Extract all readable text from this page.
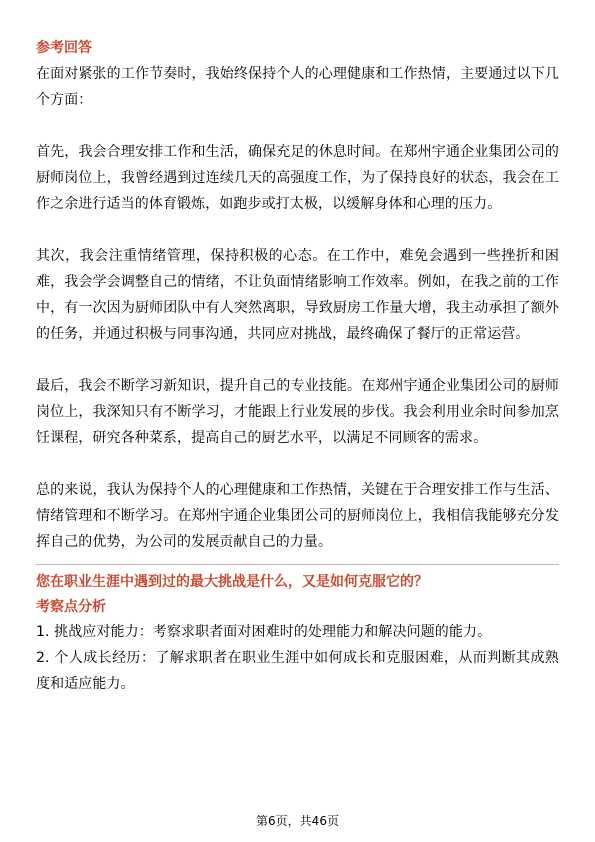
参考回答

在面对紧张的工作节奏时，我始终保持个人的心理健康和工作热情，主要通过以下几个方面：

首先，我会合理安排工作和生活，确保充足的休息时间。在郑州宇通企业集团公司的厨师岗位上，我曾经遇到过连续几天的高强度工作，为了保持良好的状态，我会在工作之余进行适当的体育锻炼，如跑步或打太极，以缓解身体和心理的压力。

其次，我会注重情绪管理，保持积极的心态。在工作中，难免会遇到一些挫折和困难，我会学会调整自己的情绪，不让负面情绪影响工作效率。例如，在我之前的工作中，有一次因为厨师团队中有人突然离职，导致厨房工作量大增，我主动承担了额外的任务，并通过积极与同事沟通，共同应对挑战，最终确保了餐厅的正常运营。

最后，我会不断学习新知识，提升自己的专业技能。在郑州宇通企业集团公司的厨师岗位上，我深知只有不断学习，才能跟上行业发展的步伐。我会利用业余时间参加烹饪课程，研究各种菜系，提高自己的厨艺水平，以满足不同顾客的需求。

总的来说，我认为保持个人的心理健康和工作热情，关键在于合理安排工作与生活、情绪管理和不断学习。在郑州宇通企业集团公司的厨师岗位上，我相信我能够充分发挥自己的优势，为公司的发展贡献自己的力量。

您在职业生涯中遇到过的最大挑战是什么，又是如何克服它的？

考察点分析

1. 挑战应对能力：考察求职者面对困难时的处理能力和解决问题的能力。

2. 个人成长经历：了解求职者在职业生涯中如何成长和克服困难，从而判断其成熟度和适应能力。

第6页，共46页
